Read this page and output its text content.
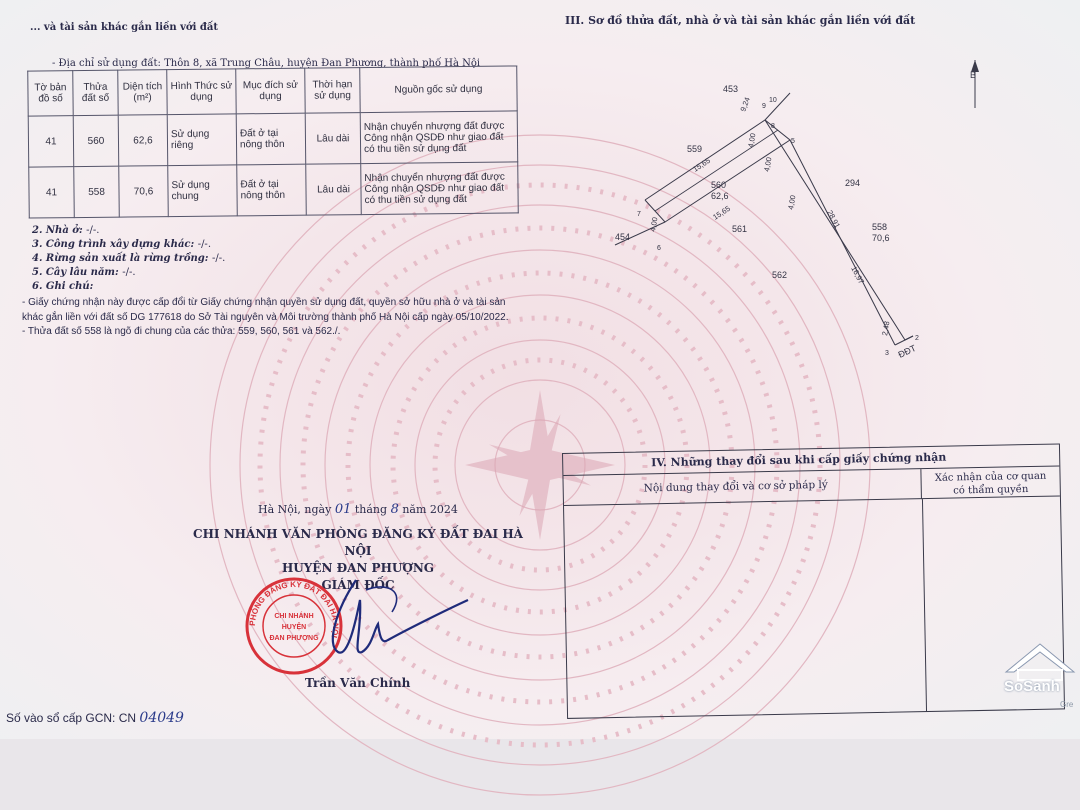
... và tài sản khác gắn liền với đất
III. Sơ đồ thửa đất, nhà ở và tài sản khác gắn liền với đất
- Địa chỉ sử dụng đất: Thôn 8, xã Trung Châu, huyện Đan Phượng, thành phố Hà Nội
Tờ bản đồ số	Thửa đất số	Diện tích (m²)	Hình Thức sử dụng	Mục đích sử dụng	Thời hạn sử dụng	Nguồn gốc sử dụng
41	560	62,6	Sử dụng riêng	Đất ở tại nông thôn	Lâu dài	Nhận chuyển nhượng đất được Công nhận QSDĐ như giao đất có thu tiền sử dụng đất
41	558	70,6	Sử dụng chung	Đất ở tại nông thôn	Lâu dài	Nhận chuyển nhượng đất được Công nhận QSDĐ như giao đất có thu tiền sử dụng đất
2. Nhà ở: -/-.
3. Công trình xây dựng khác: -/-.
4. Rừng sản xuất là rừng trồng: -/-.
5. Cây lâu năm: -/-.
6. Ghi chú:
- Giấy chứng nhận này được cấp đổi từ Giấy chứng nhận quyền sử dụng đất, quyền sở hữu nhà ở và tài sản khác gắn liền với đất số DG 177618 do Sở Tài nguyên và Môi trường thành phố Hà Nội cấp ngày 05/10/2022.
- Thửa đất số 558 là ngõ đi chung của các thửa: 559, 560, 561 và 562./.
Hà Nội, ngày 01 tháng 8 năm 2024
CHI NHÁNH VĂN PHÒNG ĐĂNG KÝ ĐẤT ĐAI HÀ NỘI
HUYỆN ĐAN PHƯỢNG
GIÁM ĐỐC
PHÒNG ĐĂNG KÝ ĐẤT ĐAI HÀ NỘI
CHI NHÁNH
HUYỆN
ĐAN PHƯỢNG
Trần Văn Chính
Số vào sổ cấp GCN: CN 04049
IV. Những thay đổi sau khi cấp giấy chứng nhận
Nội dung thay đổi và cơ sở pháp lý
Xác nhận của cơ quan
có thẩm quyền
B
453
559
560
62,6
454
561
294
558
70,6
562
ĐĐT
15,65
15,65
4,00
4,00
4,00
4,00
28,91
16,97
2,48
9,24
5
6
7
8
9
10
2
3
SoSanh
Gre
